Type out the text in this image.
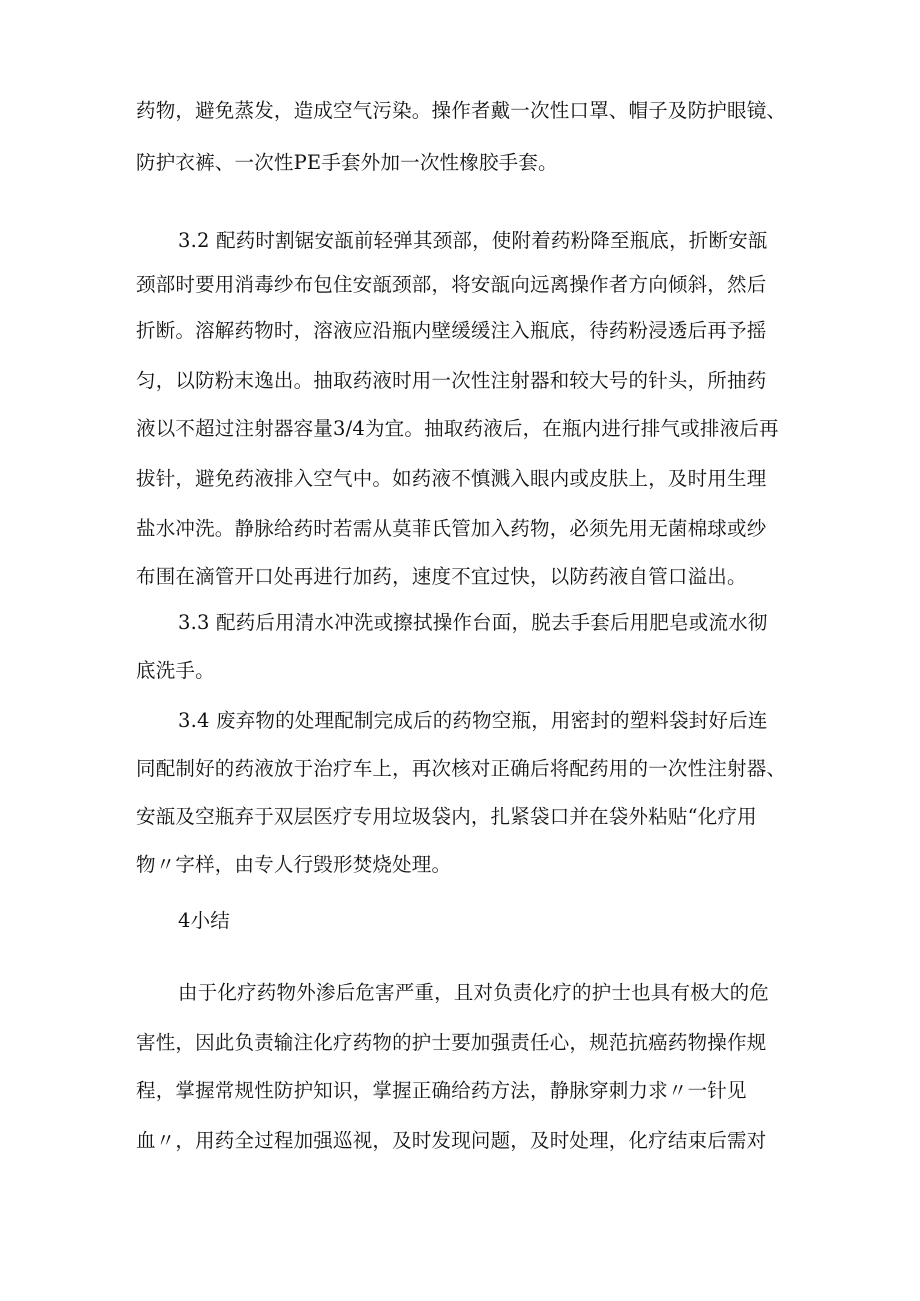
药物，避免蒸发，造成空气污染。操作者戴一次性口罩、帽子及防护眼镜、
防护衣裤、一次性PE手套外加一次性橡胶手套。
3.2 配药时割锯安瓿前轻弹其颈部，使附着药粉降至瓶底，折断安瓿
颈部时要用消毒纱布包住安瓿颈部，将安瓿向远离操作者方向倾斜，然后
折断。溶解药物时，溶液应沿瓶内壁缓缓注入瓶底，待药粉浸透后再予摇
匀，以防粉末逸出。抽取药液时用一次性注射器和较大号的针头，所抽药
液以不超过注射器容量3/4为宜。抽取药液后，在瓶内进行排气或排液后再
拔针，避免药液排入空气中。如药液不慎溅入眼内或皮肤上，及时用生理
盐水冲洗。静脉给药时若需从莫菲氏管加入药物，必须先用无菌棉球或纱
布围在滴管开口处再进行加药，速度不宜过快，以防药液自管口溢出。
3.3 配药后用清水冲洗或擦拭操作台面，脱去手套后用肥皂或流水彻
底洗手。
3.4 废弃物的处理配制完成后的药物空瓶，用密封的塑料袋封好后连
同配制好的药液放于治疗车上，再次核对正确后将配药用的一次性注射器、
安瓿及空瓶弃于双层医疗专用垃圾袋内，扎紧袋口并在袋外粘贴“化疗用
物〃字样，由专人行毁形焚烧处理。
4小结
由于化疗药物外渗后危害严重，且对负责化疗的护士也具有极大的危
害性，因此负责输注化疗药物的护士要加强责任心，规范抗癌药物操作规
程，掌握常规性防护知识，掌握正确给药方法，静脉穿刺力求〃一针见
血〃，用药全过程加强巡视，及时发现问题，及时处理，化疗结束后需对
